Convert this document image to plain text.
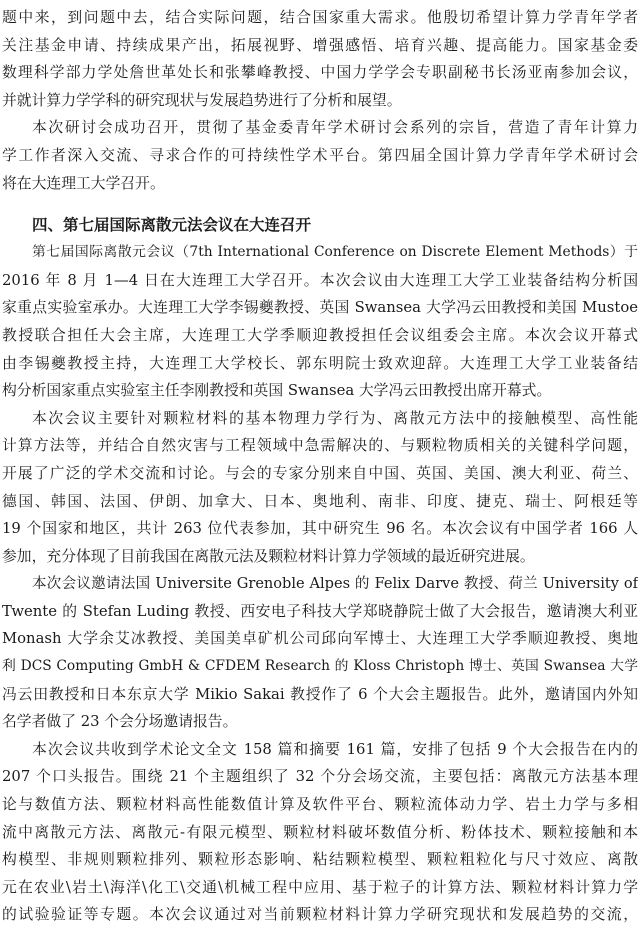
题中来，到问题中去，结合实际问题，结合国家重大需求。他殷切希望计算力学青年学者
关注基金申请、持续成果产出，拓展视野、增强感悟、培育兴趣、提高能力。国家基金委
数理科学部力学处詹世革处长和张攀峰教授、中国力学学会专职副秘书长汤亚南参加会议，
并就计算力学学科的研究现状与发展趋势进行了分析和展望。
本次研讨会成功召开，贯彻了基金委青年学术研讨会系列的宗旨，营造了青年计算力
学工作者深入交流、寻求合作的可持续性学术平台。第四届全国计算力学青年学术研讨会
将在大连理工大学召开。
四、第七届国际离散元法会议在大连召开
第七届国际离散元会议（7th International Conference on Discrete Element Methods）于
2016 年 8 月 1—4 日在大连理工大学召开。本次会议由大连理工大学工业装备结构分析国
家重点实验室承办。大连理工大学李锡夔教授、英国 Swansea 大学冯云田教授和美国 Mustoe
教授联合担任大会主席，大连理工大学季顺迎教授担任会议组委会主席。本次会议开幕式
由李锡夔教授主持，大连理工大学校长、郭东明院士致欢迎辞。大连理工大学工业装备结
构分析国家重点实验室主任李刚教授和英国 Swansea 大学冯云田教授出席开幕式。
本次会议主要针对颗粒材料的基本物理力学行为、离散元方法中的接触模型、高性能
计算方法等，并结合自然灾害与工程领域中急需解决的、与颗粒物质相关的关键科学问题，
开展了广泛的学术交流和讨论。与会的专家分别来自中国、英国、美国、澳大利亚、荷兰、
德国、韩国、法国、伊朗、加拿大、日本、奥地利、南非、印度、捷克、瑞士、阿根廷等
19 个国家和地区，共计 263 位代表参加，其中研究生 96 名。本次会议有中国学者 166 人
参加，充分体现了目前我国在离散元法及颗粒材料计算力学领域的最近研究进展。
本次会议邀请法国 Universite Grenoble Alpes 的 Felix Darve 教授、荷兰 University of
Twente 的 Stefan Luding 教授、西安电子科技大学郑晓静院士做了大会报告，邀请澳大利亚
Monash 大学余艾冰教授、美国美卓矿机公司邱向军博士、大连理工大学季顺迎教授、奥地
利 DCS Computing GmbH & CFDEM Research 的 Kloss Christoph 博士、英国 Swansea 大学
冯云田教授和日本东京大学 Mikio Sakai 教授作了 6 个大会主题报告。此外，邀请国内外知
名学者做了 23 个会分场邀请报告。
本次会议共收到学术论文全文 158 篇和摘要 161 篇，安排了包括 9 个大会报告在内的
207 个口头报告。围绕 21 个主题组织了 32 个分会场交流，主要包括：离散元方法基本理
论与数值方法、颗粒材料高性能数值计算及软件平台、颗粒流体动力学、岩土力学与多相
流中离散元方法、离散元-有限元模型、颗粒材料破坏数值分析、粉体技术、颗粒接触和本
构模型、非规则颗粒排列、颗粒形态影响、粘结颗粒模型、颗粒粗粒化与尺寸效应、离散
元在农业\岩土\海洋\化工\交通\机械工程中应用、基于粒子的计算方法、颗粒材料计算力学
的试验验证等专题。本次会议通过对当前颗粒材料计算力学研究现状和发展趋势的交流，
